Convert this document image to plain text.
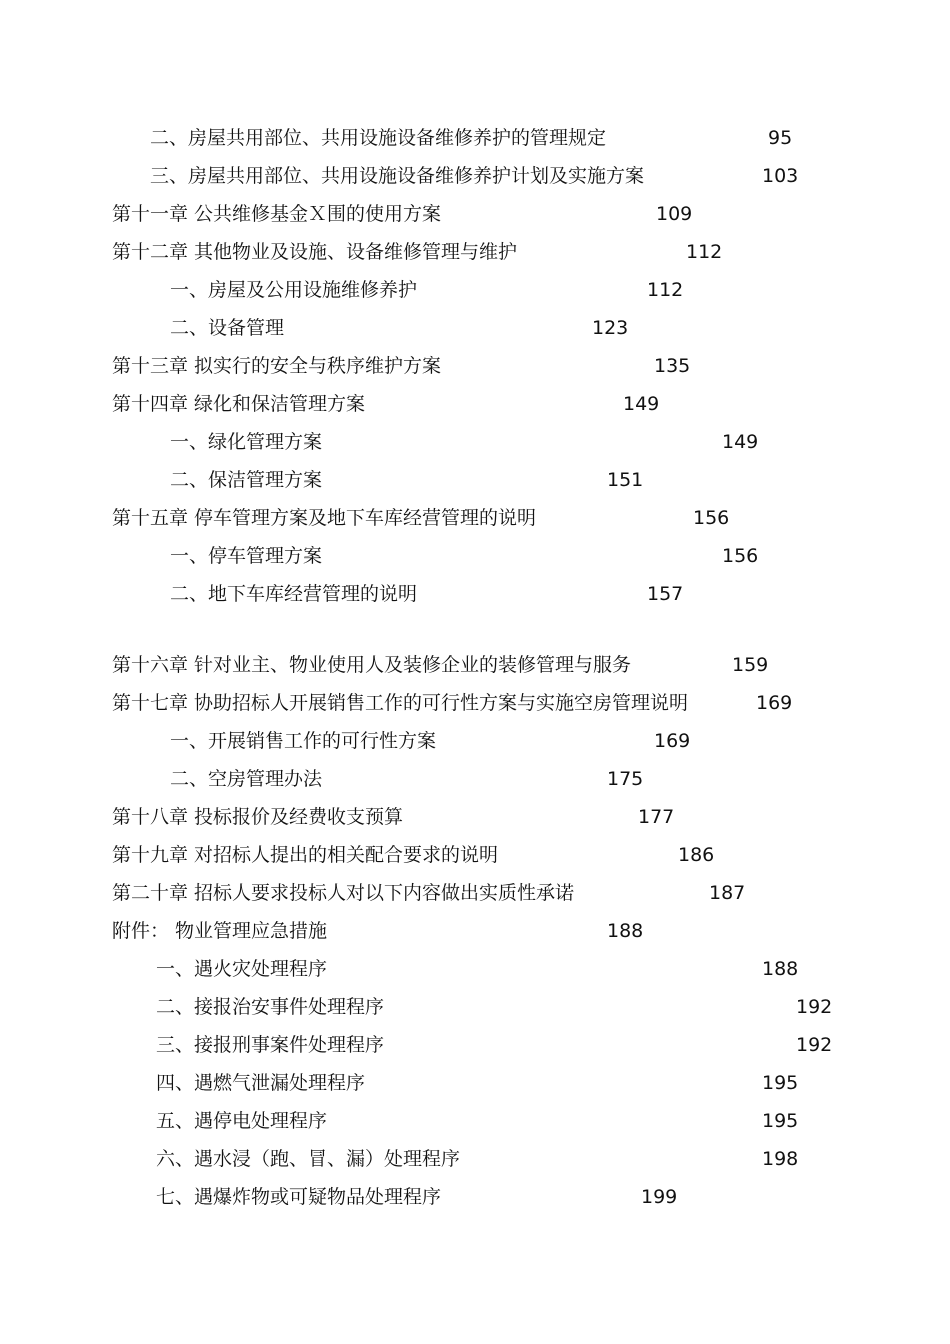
二、房屋共用部位、共用设施设备维修养护的管理规定	95
三、房屋共用部位、共用设施设备维修养护计划及实施方案	103
第十一章 公共维修基金Ｘ围的使用方案	109
第十二章 其他物业及设施、设备维修管理与维护	112
一、房屋及公用设施维修养护	112
二、设备管理	123
第十三章 拟实行的安全与秩序维护方案	135
第十四章 绿化和保洁管理方案	149
一、绿化管理方案	149
二、保洁管理方案	151
第十五章 停车管理方案及地下车库经营管理的说明	156
一、停车管理方案	156
二、地下车库经营管理的说明	157
第十六章 针对业主、物业使用人及装修企业的装修管理与服务	159
第十七章 协助招标人开展销售工作的可行性方案与实施空房管理说明	169
一、开展销售工作的可行性方案	169
二、空房管理办法	175
第十八章 投标报价及经费收支预算	177
第十九章 对招标人提出的相关配合要求的说明	186
第二十章 招标人要求投标人对以下内容做出实质性承诺	187
附件： 物业管理应急措施	188
一、遇火灾处理程序	188
二、接报治安事件处理程序	192
三、接报刑事案件处理程序	192
四、遇燃气泄漏处理程序	195
五、遇停电处理程序	195
六、遇水浸（跑、冒、漏）处理程序	198
七、遇爆炸物或可疑物品处理程序	199
